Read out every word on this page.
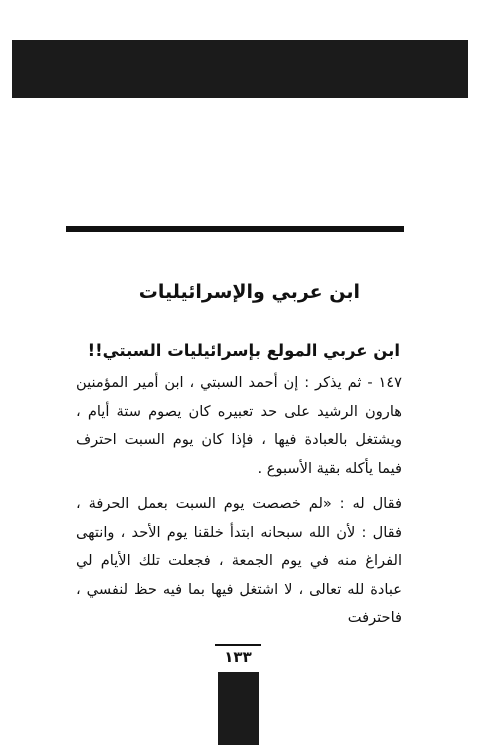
ابن عربي والإسرائيليات
ابن عربي المولع بإسرائيليات السبتي!!

١٤٧ - ثم يذكر : إن أحمد السبتي ، ابن أمير المؤمنين هارون الرشيد على حد تعبيره كان يصوم ستة أيام ، ويشتغل بالعبادة فيها ، فإذا كان يوم السبت احترف فيما يأكله بقية الأسبوع .

فقال له : «لم خصصت يوم السبت بعمل الحرفة ، فقال : لأن الله سبحانه ابتدأ خلقنا يوم الأحد ، وانتهى الفراغ منه في يوم الجمعة ، فجعلت تلك الأيام لي عبادة لله تعالى ، لا اشتغل فيها بما فيه حظ لنفسي ، فاحترفت

١٣٣
